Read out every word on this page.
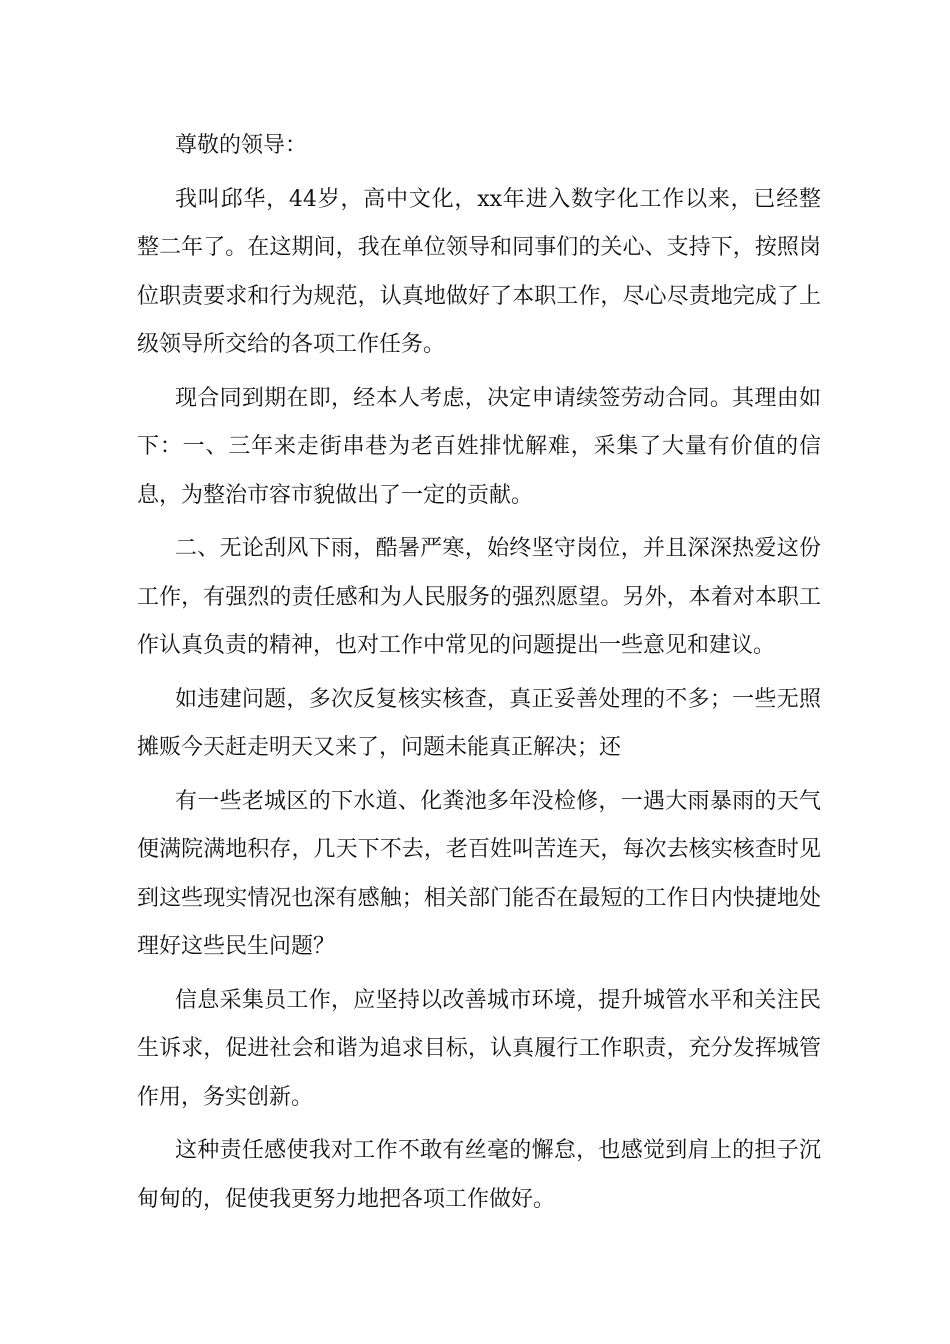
尊敬的领导：

我叫邱华，44岁，高中文化，xx年进入数字化工作以来，已经整整二年了。在这期间，我在单位领导和同事们的关心、支持下，按照岗位职责要求和行为规范，认真地做好了本职工作，尽心尽责地完成了上级领导所交给的各项工作任务。

现合同到期在即，经本人考虑，决定申请续签劳动合同。其理由如下：一、三年来走街串巷为老百姓排忧解难，采集了大量有价值的信息，为整治市容市貌做出了一定的贡献。

二、无论刮风下雨，酷暑严寒，始终坚守岗位，并且深深热爱这份工作，有强烈的责任感和为人民服务的强烈愿望。另外，本着对本职工作认真负责的精神，也对工作中常见的问题提出一些意见和建议。

如违建问题，多次反复核实核查，真正妥善处理的不多；一些无照摊贩今天赶走明天又来了，问题未能真正解决；还

有一些老城区的下水道、化粪池多年没检修，一遇大雨暴雨的天气便满院满地积存，几天下不去，老百姓叫苦连天，每次去核实核查时见到这些现实情况也深有感触；相关部门能否在最短的工作日内快捷地处理好这些民生问题？

信息采集员工作，应坚持以改善城市环境，提升城管水平和关注民生诉求，促进社会和谐为追求目标，认真履行工作职责，充分发挥城管作用，务实创新。

这种责任感使我对工作不敢有丝毫的懈怠，也感觉到肩上的担子沉甸甸的，促使我更努力地把各项工作做好。
